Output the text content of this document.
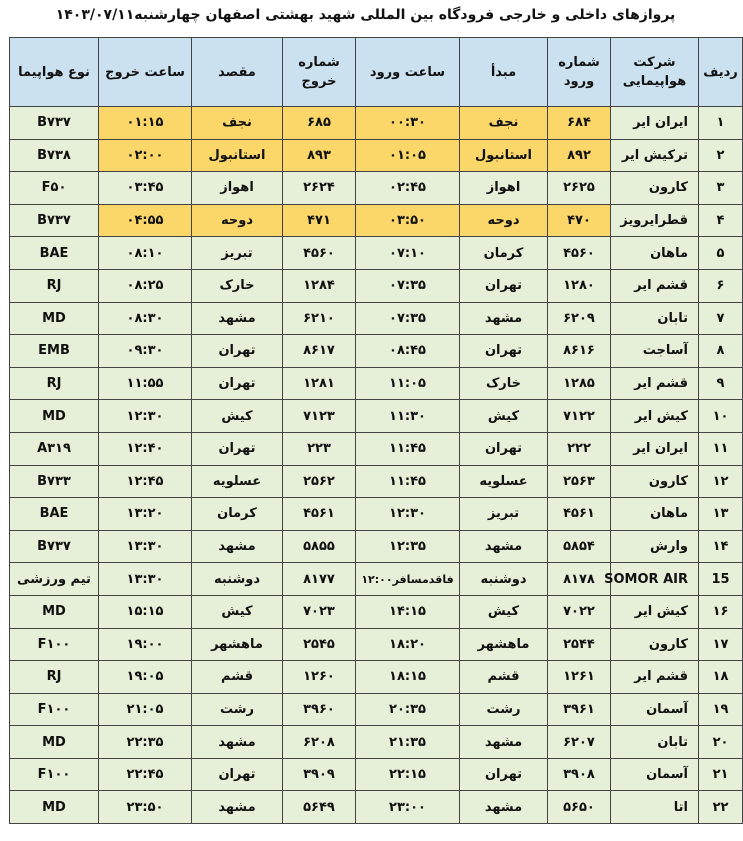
پروازهای داخلی و خارجی فرودگاه بین المللی شهید بهشتی اصفهان چهارشنبه۱۴۰۳/۰۷/۱۱
ردیف	شرکت هواپیمایی	شماره ورود	مبدأ	ساعت ورود	شماره خروج	مقصد	ساعت خروج	نوع هواپیما
۱	ایران ایر	۶۸۴	نجف	۰۰:۳۰	۶۸۵	نجف	۰۱:۱۵	B۷۳۷
۲	ترکیش ایر	۸۹۲	استانبول	۰۱:۰۵	۸۹۳	استانبول	۰۲:۰۰	B۷۳۸
۳	کارون	۲۶۲۵	اهواز	۰۲:۴۵	۲۶۲۴	اهواز	۰۳:۴۵	F۵۰
۴	قطرایرویز	۴۷۰	دوحه	۰۳:۵۰	۴۷۱	دوحه	۰۴:۵۵	B۷۳۷
۵	ماهان	۴۵۶۰	کرمان	۰۷:۱۰	۴۵۶۰	تبریز	۰۸:۱۰	BAE
۶	قشم ایر	۱۲۸۰	تهران	۰۷:۳۵	۱۲۸۴	خارک	۰۸:۲۵	RJ
۷	تابان	۶۲۰۹	مشهد	۰۷:۳۵	۶۲۱۰	مشهد	۰۸:۳۰	MD
۸	آساجت	۸۶۱۶	تهران	۰۸:۴۵	۸۶۱۷	تهران	۰۹:۳۰	EMB
۹	قشم ایر	۱۲۸۵	خارک	۱۱:۰۵	۱۲۸۱	تهران	۱۱:۵۵	RJ
۱۰	کیش ایر	۷۱۲۲	کیش	۱۱:۳۰	۷۱۲۳	کیش	۱۲:۳۰	MD
۱۱	ایران ایر	۲۲۲	تهران	۱۱:۴۵	۲۲۳	تهران	۱۲:۴۰	A۳۱۹
۱۲	کارون	۲۵۶۳	عسلویه	۱۱:۴۵	۲۵۶۲	عسلویه	۱۲:۴۵	B۷۳۳
۱۳	ماهان	۴۵۶۱	تبریز	۱۲:۳۰	۴۵۶۱	کرمان	۱۳:۲۰	BAE
۱۴	وارش	۵۸۵۴	مشهد	۱۲:۳۵	۵۸۵۵	مشهد	۱۳:۳۰	B۷۳۷
15	SOMOR AIR	۸۱۷۸	دوشنبه	۱۲:۰۰فاقدمسافر	۸۱۷۷	دوشنبه	۱۳:۳۰	تیم ورزشی
۱۶	کیش ایر	۷۰۲۲	کیش	۱۴:۱۵	۷۰۲۳	کیش	۱۵:۱۵	MD
۱۷	کارون	۲۵۴۴	ماهشهر	۱۸:۲۰	۲۵۴۵	ماهشهر	۱۹:۰۰	F۱۰۰
۱۸	قشم ایر	۱۲۶۱	قشم	۱۸:۱۵	۱۲۶۰	قشم	۱۹:۰۵	RJ
۱۹	آسمان	۳۹۶۱	رشت	۲۰:۳۵	۳۹۶۰	رشت	۲۱:۰۵	F۱۰۰
۲۰	تابان	۶۲۰۷	مشهد	۲۱:۳۵	۶۲۰۸	مشهد	۲۲:۳۵	MD
۲۱	آسمان	۳۹۰۸	تهران	۲۲:۱۵	۳۹۰۹	تهران	۲۲:۴۵	F۱۰۰
۲۲	اتا	۵۶۵۰	مشهد	۲۳:۰۰	۵۶۴۹	مشهد	۲۳:۵۰	MD
